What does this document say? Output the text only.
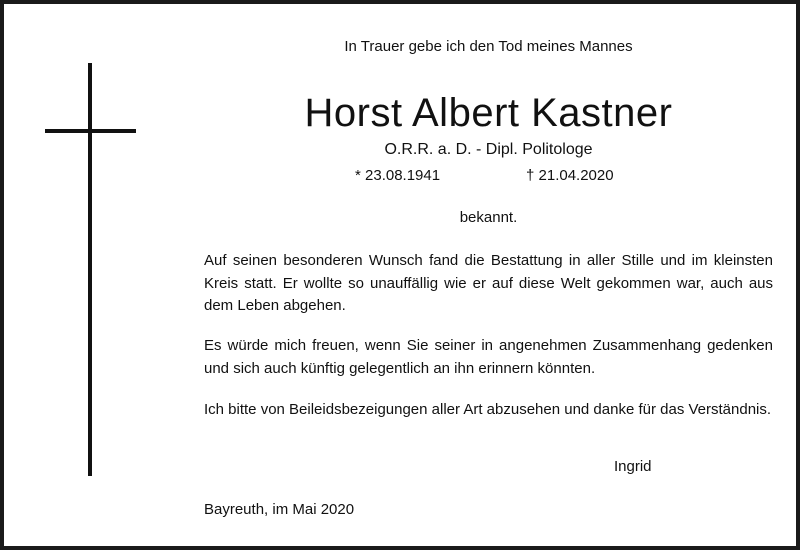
In Trauer gebe ich den Tod meines Mannes
Horst Albert Kastner
O.R.R. a. D. - Dipl. Politologe
* 23.08.1941	† 21.04.2020
bekannt.
Auf seinen besonderen Wunsch fand die Bestattung in aller Stille und im kleinsten Kreis statt. Er wollte so unauffällig wie er auf diese Welt gekommen war, auch aus dem Leben abgehen.
Es würde mich freuen, wenn Sie seiner in angenehmen Zusammenhang gedenken und sich auch künftig gelegentlich an ihn erinnern könnten.
Ich bitte von Beileidsbezeigungen aller Art abzusehen und danke für das Verständnis.
Ingrid
Bayreuth, im Mai 2020
